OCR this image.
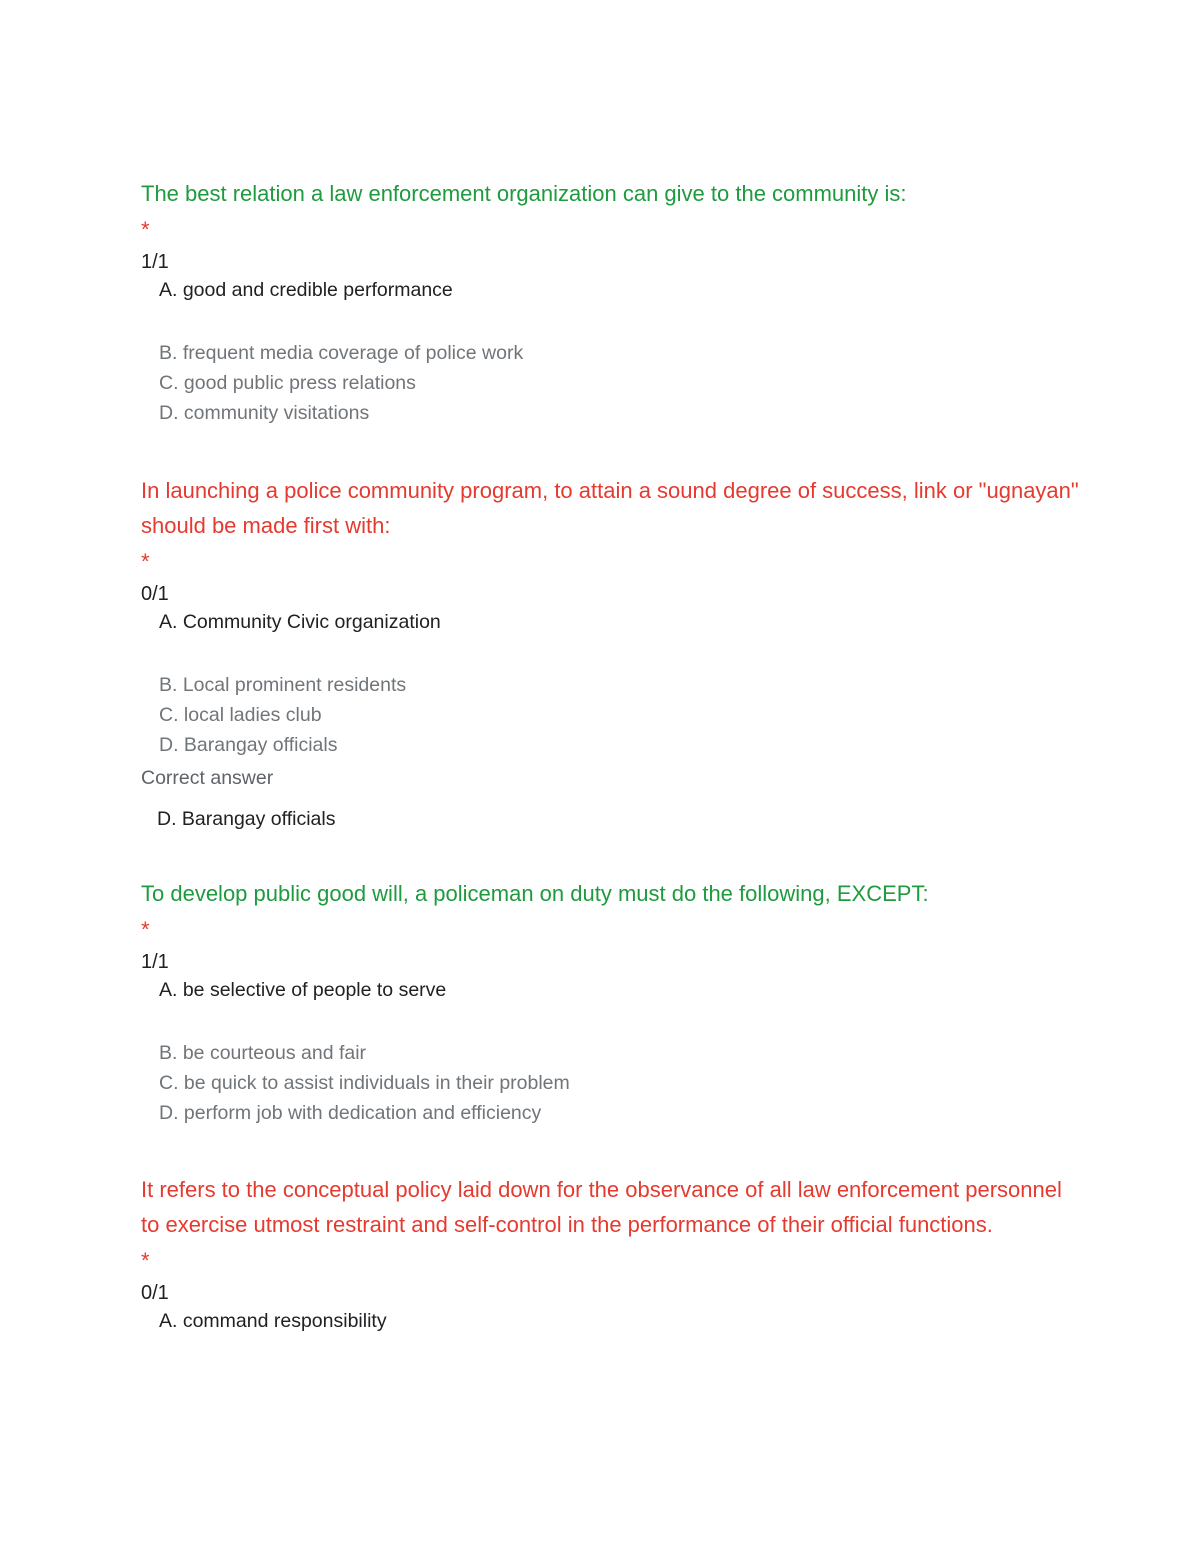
The best relation a law enforcement organization can give to the community is:

*
1/1
A. good and credible performance
B. frequent media coverage of police work
C. good public press relations
D. community visitations

In launching a police community program, to attain a sound degree of success, link or "ugnayan" should be made first with:

*
0/1
A. Community Civic organization
B. Local prominent residents
C. local ladies club
D. Barangay officials
Correct answer
D. Barangay officials

To develop public good will, a policeman on duty must do the following, EXCEPT:

*
1/1
A. be selective of people to serve
B. be courteous and fair
C. be quick to assist individuals in their problem
D. perform job with dedication and efficiency

It refers to the conceptual policy laid down for the observance of all law enforcement personnel to exercise utmost restraint and self-control in the performance of their official functions.

*
0/1
A. command responsibility
